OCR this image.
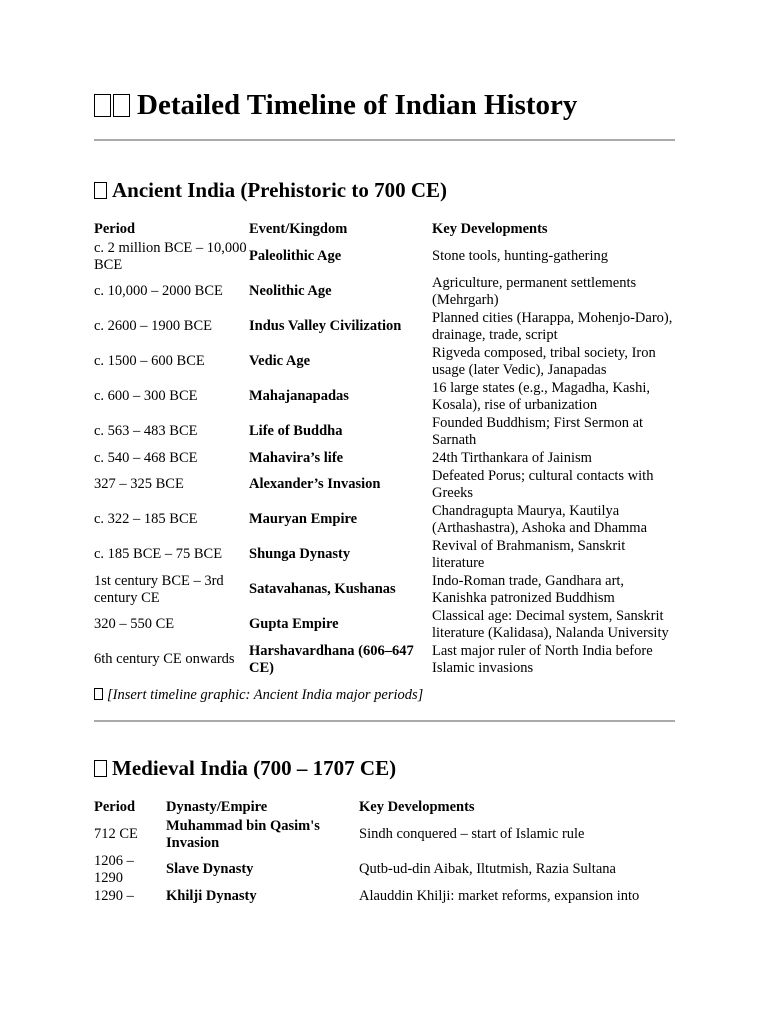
Detailed Timeline of Indian History
Ancient India (Prehistoric to 700 CE)
Period	Event/Kingdom	Key Developments
c. 2 million BCE – 10,000 BCE	Paleolithic Age	Stone tools, hunting-gathering
c. 10,000 – 2000 BCE	Neolithic Age	Agriculture, permanent settlements (Mehrgarh)
c. 2600 – 1900 BCE	Indus Valley Civilization	Planned cities (Harappa, Mohenjo-Daro), drainage, trade, script
c. 1500 – 600 BCE	Vedic Age	Rigveda composed, tribal society, Iron usage (later Vedic), Janapadas
c. 600 – 300 BCE	Mahajanapadas	16 large states (e.g., Magadha, Kashi, Kosala), rise of urbanization
c. 563 – 483 BCE	Life of Buddha	Founded Buddhism; First Sermon at Sarnath
c. 540 – 468 BCE	Mahavira’s life	24th Tirthankara of Jainism
327 – 325 BCE	Alexander’s Invasion	Defeated Porus; cultural contacts with Greeks
c. 322 – 185 BCE	Mauryan Empire	Chandragupta Maurya, Kautilya (Arthashastra), Ashoka and Dhamma
c. 185 BCE – 75 BCE	Shunga Dynasty	Revival of Brahmanism, Sanskrit literature
1st century BCE – 3rd century CE	Satavahanas, Kushanas	Indo-Roman trade, Gandhara art, Kanishka patronized Buddhism
320 – 550 CE	Gupta Empire	Classical age: Decimal system, Sanskrit literature (Kalidasa), Nalanda University
6th century CE onwards	Harshavardhana (606–647 CE)	Last major ruler of North India before Islamic invasions
[Insert timeline graphic: Ancient India major periods]
Medieval India (700 – 1707 CE)
Period	Dynasty/Empire	Key Developments
712 CE	Muhammad bin Qasim's Invasion	Sindh conquered – start of Islamic rule
1206 – 1290	Slave Dynasty	Qutb-ud-din Aibak, Iltutmish, Razia Sultana
1290 –	Khilji Dynasty	Alauddin Khilji: market reforms, expansion into
